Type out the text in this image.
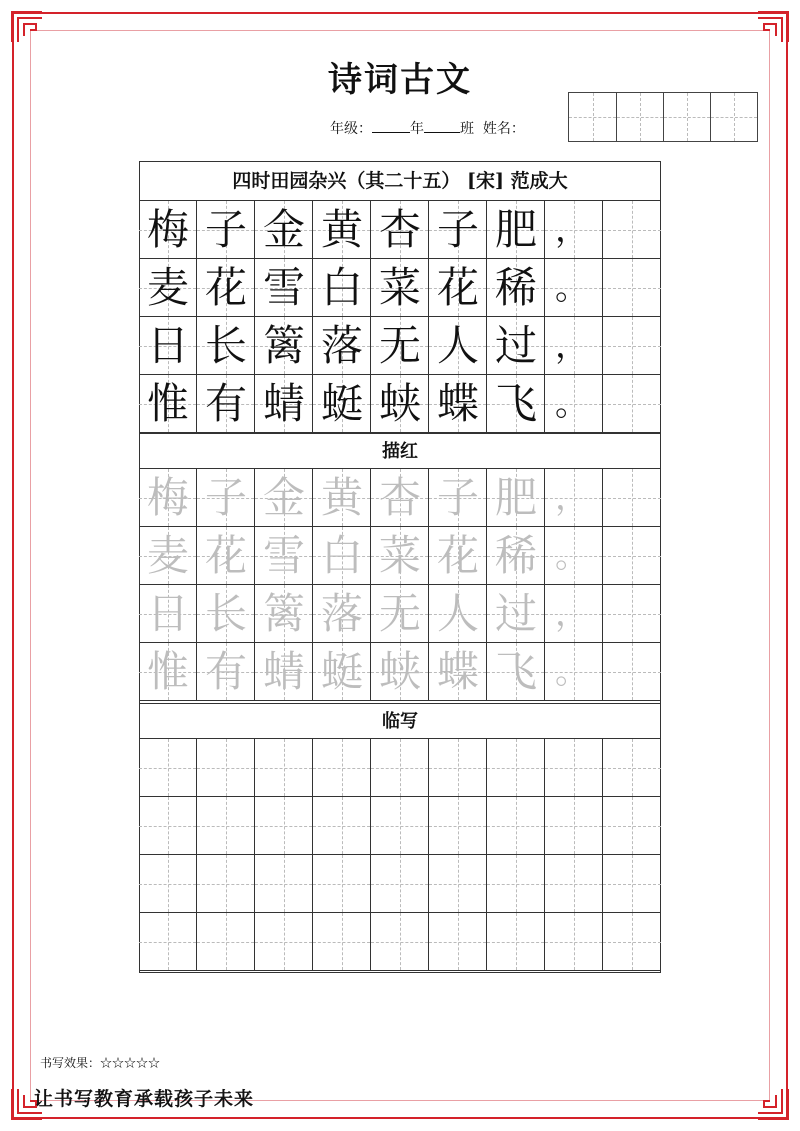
诗词古文
年级：	年	班 姓名：
四时田园杂兴（其二十五） [宋] 范成大
梅 子 金 黄 杏 子 肥 ，
麦 花 雪 白 菜 花 稀 。
日 长 篱 落 无 人 过 ，
惟 有 蜻 蜓 蛱 蝶 飞 。
描红
梅 子 金 黄 杏 子 肥 ，
麦 花 雪 白 菜 花 稀 。
日 长 篱 落 无 人 过 ，
惟 有 蜻 蜓 蛱 蝶 飞 。
临写
书写效果：☆☆☆☆☆
让书写教育承载孩子未来
